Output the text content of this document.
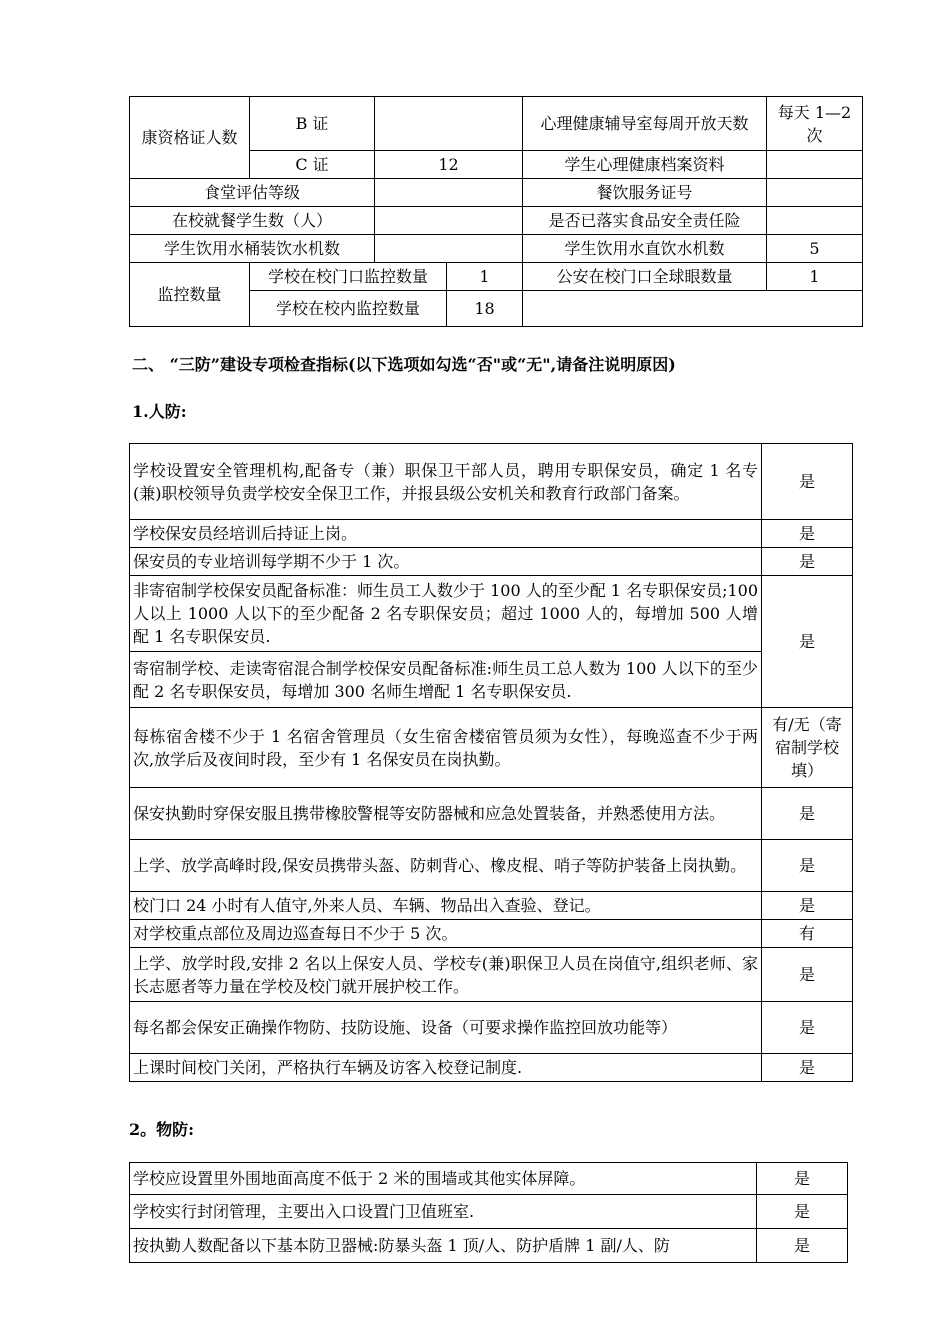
康资格证人数	B 证			心理健康辅导室每周开放天数	每天 1—2 次
	C 证	12		学生心理健康档案资料	
食堂评估等级				餐饮服务证号	
在校就餐学生数（人）				是否已落实食品安全责任险	
学生饮用水桶装饮水机数				学生饮用水直饮水机数	5
监控数量	学校在校门口监控数量		1	公安在校门口全球眼数量	1
	学校在校内监控数量		18		

二、 “三防”建设专项检查指标(以下选项如勾选“否"或“无",请备注说明原因)

1.人防:

学校设置安全管理机构,配备专（兼）职保卫干部人员，聘用专职保安员，确定 1 名专(兼)职校领导负责学校安全保卫工作，并报县级公安机关和教育行政部门备案。	是
学校保安员经培训后持证上岗。	是
保安员的专业培训每学期不少于 1 次。	是
非寄宿制学校保安员配备标准：师生员工人数少于 100 人的至少配 1 名专职保安员;100 人以上 1000 人以下的至少配备 2 名专职保安员；超过 1000 人的，每增加 500 人增配 1 名专职保安员.	是
寄宿制学校、走读寄宿混合制学校保安员配备标准:师生员工总人数为 100 人以下的至少配 2 名专职保安员，每增加 300 名师生增配 1 名专职保安员.	
每栋宿舍楼不少于 1 名宿舍管理员（女生宿舍楼宿管员须为女性），每晚巡查不少于两次,放学后及夜间时段，至少有 1 名保安员在岗执勤。	有/无（寄宿制学校填）
保安执勤时穿保安服且携带橡胶警棍等安防器械和应急处置装备，并熟悉使用方法。	是
上学、放学高峰时段,保安员携带头盔、防刺背心、橡皮棍、哨子等防护装备上岗执勤。	是
校门口 24 小时有人值守,外来人员、车辆、物品出入查验、登记。	是
对学校重点部位及周边巡查每日不少于 5 次。	有
上学、放学时段,安排 2 名以上保安人员、学校专(兼)职保卫人员在岗值守,组织老师、家长志愿者等力量在学校及校门就开展护校工作。	是
每名都会保安正确操作物防、技防设施、设备（可要求操作监控回放功能等）	是
上课时间校门关闭，严格执行车辆及访客入校登记制度.	是

2。物防:

学校应设置里外围地面高度不低于 2 米的围墙或其他实体屏障。	是
学校实行封闭管理，主要出入口设置门卫值班室.	是
按执勤人数配备以下基本防卫器械:防暴头盔 1 顶/人、防护盾牌 1 副/人、防	是
